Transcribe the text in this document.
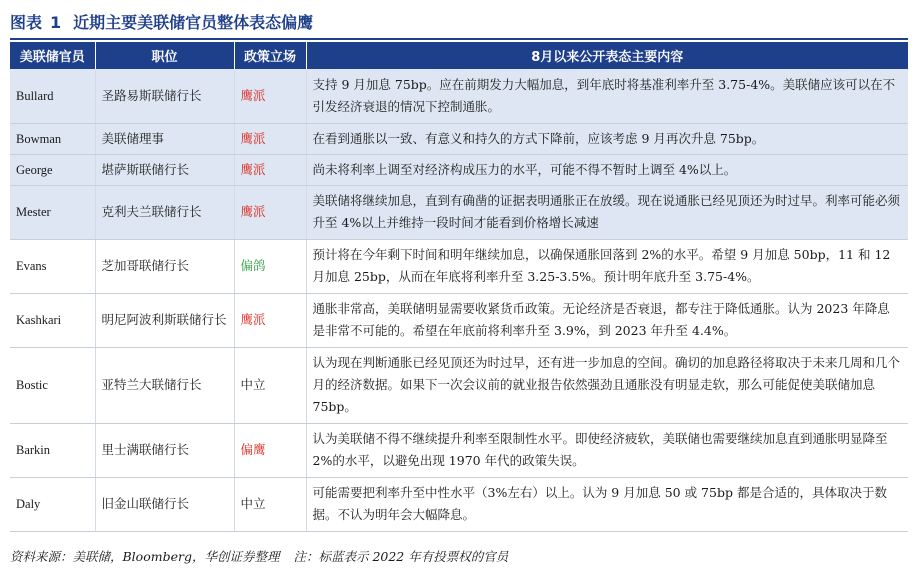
图表 1 近期主要美联储官员整体表态偏鹰
美联储官员	职位	政策立场	8月以来公开表态主要内容
Bullard	圣路易斯联储行长	鹰派	支持 9 月加息 75bp。应在前期发力大幅加息，到年底时将基准利率升至 3.75-4%。美联储应该可以在不引发经济衰退的情况下控制通胀。
Bowman	美联储理事	鹰派	在看到通胀以一致、有意义和持久的方式下降前，应该考虑 9 月再次升息 75bp。
George	堪萨斯联储行长	鹰派	尚未将利率上调至对经济构成压力的水平，可能不得不暂时上调至 4%以上。
Mester	克利夫兰联储行长	鹰派	美联储将继续加息，直到有确凿的证据表明通胀正在放缓。现在说通胀已经见顶还为时过早。利率可能必须升至 4%以上并维持一段时间才能看到价格增长减速
Evans	芝加哥联储行长	偏鸽	预计将在今年剩下时间和明年继续加息，以确保通胀回落到 2%的水平。希望 9 月加息 50bp，11 和 12 月加息 25bp，从而在年底将利率升至 3.25-3.5%。预计明年底升至 3.75-4%。
Kashkari	明尼阿波利斯联储行长	鹰派	通胀非常高，美联储明显需要收紧货币政策。无论经济是否衰退，都专注于降低通胀。认为 2023 年降息是非常不可能的。希望在年底前将利率升至 3.9%，到 2023 年升至 4.4%。
Bostic	亚特兰大联储行长	中立	认为现在判断通胀已经见顶还为时过早，还有进一步加息的空间。确切的加息路径将取决于未来几周和几个月的经济数据。如果下一次会议前的就业报告依然强劲且通胀没有明显走软，那么可能促使美联储加息 75bp。
Barkin	里士满联储行长	偏鹰	认为美联储不得不继续提升利率至限制性水平。即使经济疲软，美联储也需要继续加息直到通胀明显降至 2%的水平，以避免出现 1970 年代的政策失误。
Daly	旧金山联储行长	中立	可能需要把利率升至中性水平（3%左右）以上。认为 9 月加息 50 或 75bp 都是合适的，具体取决于数据。不认为明年会大幅降息。
资料来源：美联储，Bloomberg，华创证券整理 注：标蓝表示 2022 年有投票权的官员
